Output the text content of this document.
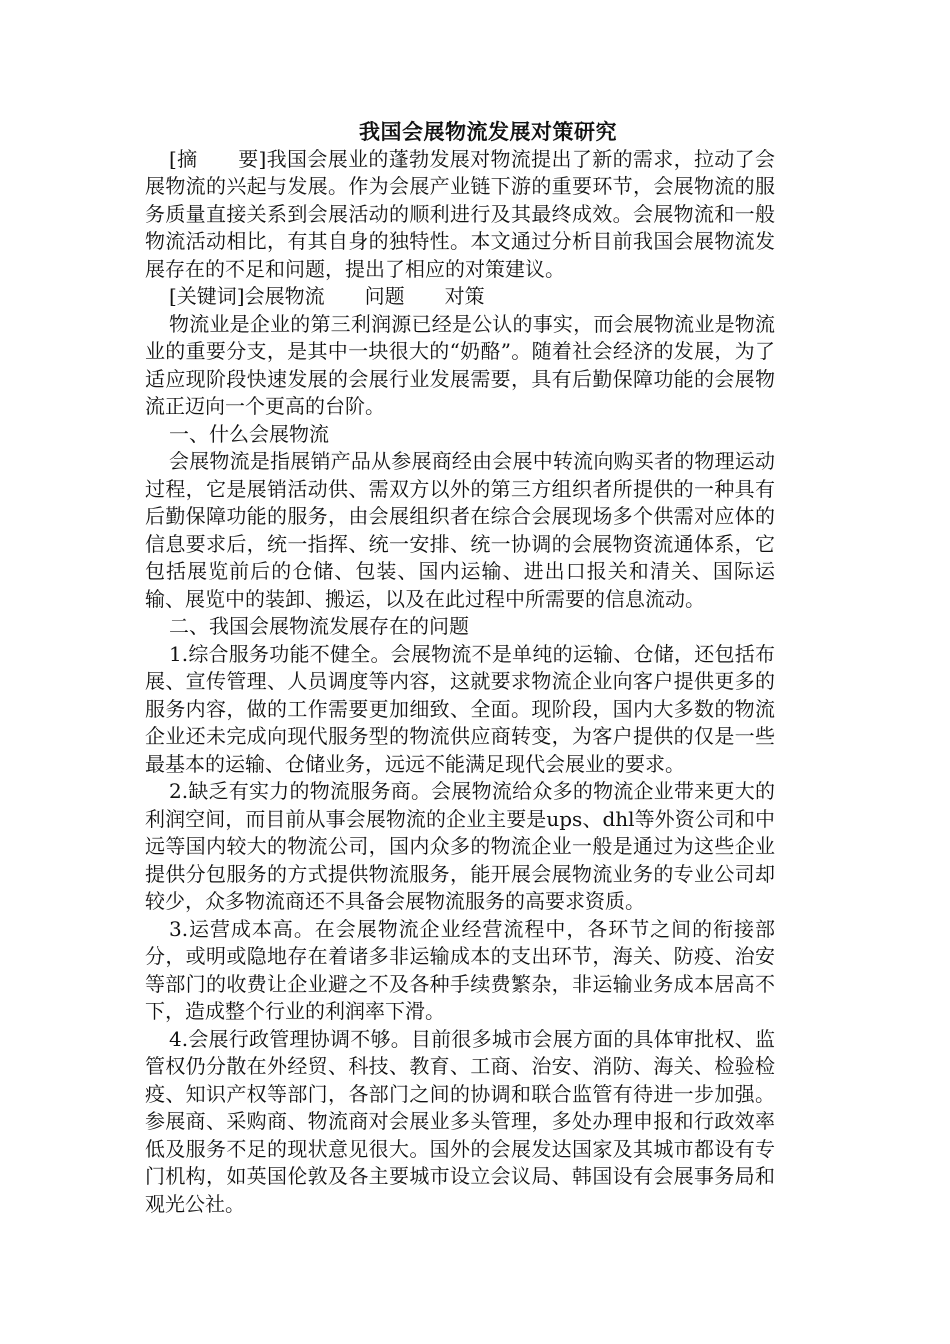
我国会展物流发展对策研究

[摘　　要]我国会展业的蓬勃发展对物流提出了新的需求，拉动了会展物流的兴起与发展。作为会展产业链下游的重要环节，会展物流的服务质量直接关系到会展活动的顺利进行及其最终成效。会展物流和一般物流活动相比，有其自身的独特性。本文通过分析目前我国会展物流发展存在的不足和问题，提出了相应的对策建议。

[关键词]会展物流　　问题　　对策

物流业是企业的第三利润源已经是公认的事实，而会展物流业是物流业的重要分支，是其中一块很大的“奶酪”。随着社会经济的发展，为了适应现阶段快速发展的会展行业发展需要，具有后勤保障功能的会展物流正迈向一个更高的台阶。

一、什么会展物流

会展物流是指展销产品从参展商经由会展中转流向购买者的物理运动过程，它是展销活动供、需双方以外的第三方组织者所提供的一种具有后勤保障功能的服务，由会展组织者在综合会展现场多个供需对应体的信息要求后，统一指挥、统一安排、统一协调的会展物资流通体系，它包括展览前后的仓储、包装、国内运输、进出口报关和清关、国际运输、展览中的装卸、搬运，以及在此过程中所需要的信息流动。

二、我国会展物流发展存在的问题

1.综合服务功能不健全。会展物流不是单纯的运输、仓储，还包括布展、宣传管理、人员调度等内容，这就要求物流企业向客户提供更多的服务内容，做的工作需要更加细致、全面。现阶段，国内大多数的物流企业还未完成向现代服务型的物流供应商转变，为客户提供的仅是一些最基本的运输、仓储业务，远远不能满足现代会展业的要求。

2.缺乏有实力的物流服务商。会展物流给众多的物流企业带来更大的利润空间，而目前从事会展物流的企业主要是ups、dhl等外资公司和中远等国内较大的物流公司，国内众多的物流企业一般是通过为这些企业提供分包服务的方式提供物流服务，能开展会展物流业务的专业公司却较少，众多物流商还不具备会展物流服务的高要求资质。

3.运营成本高。在会展物流企业经营流程中，各环节之间的衔接部分，或明或隐地存在着诸多非运输成本的支出环节，海关、防疫、治安等部门的收费让企业避之不及各种手续费繁杂，非运输业务成本居高不下，造成整个行业的利润率下滑。

4.会展行政管理协调不够。目前很多城市会展方面的具体审批权、监管权仍分散在外经贸、科技、教育、工商、治安、消防、海关、检验检疫、知识产权等部门，各部门之间的协调和联合监管有待进一步加强。参展商、采购商、物流商对会展业多头管理，多处办理申报和行政效率低及服务不足的现状意见很大。国外的会展发达国家及其城市都设有专门机构，如英国伦敦及各主要城市设立会议局、韩国设有会展事务局和观光公社。
